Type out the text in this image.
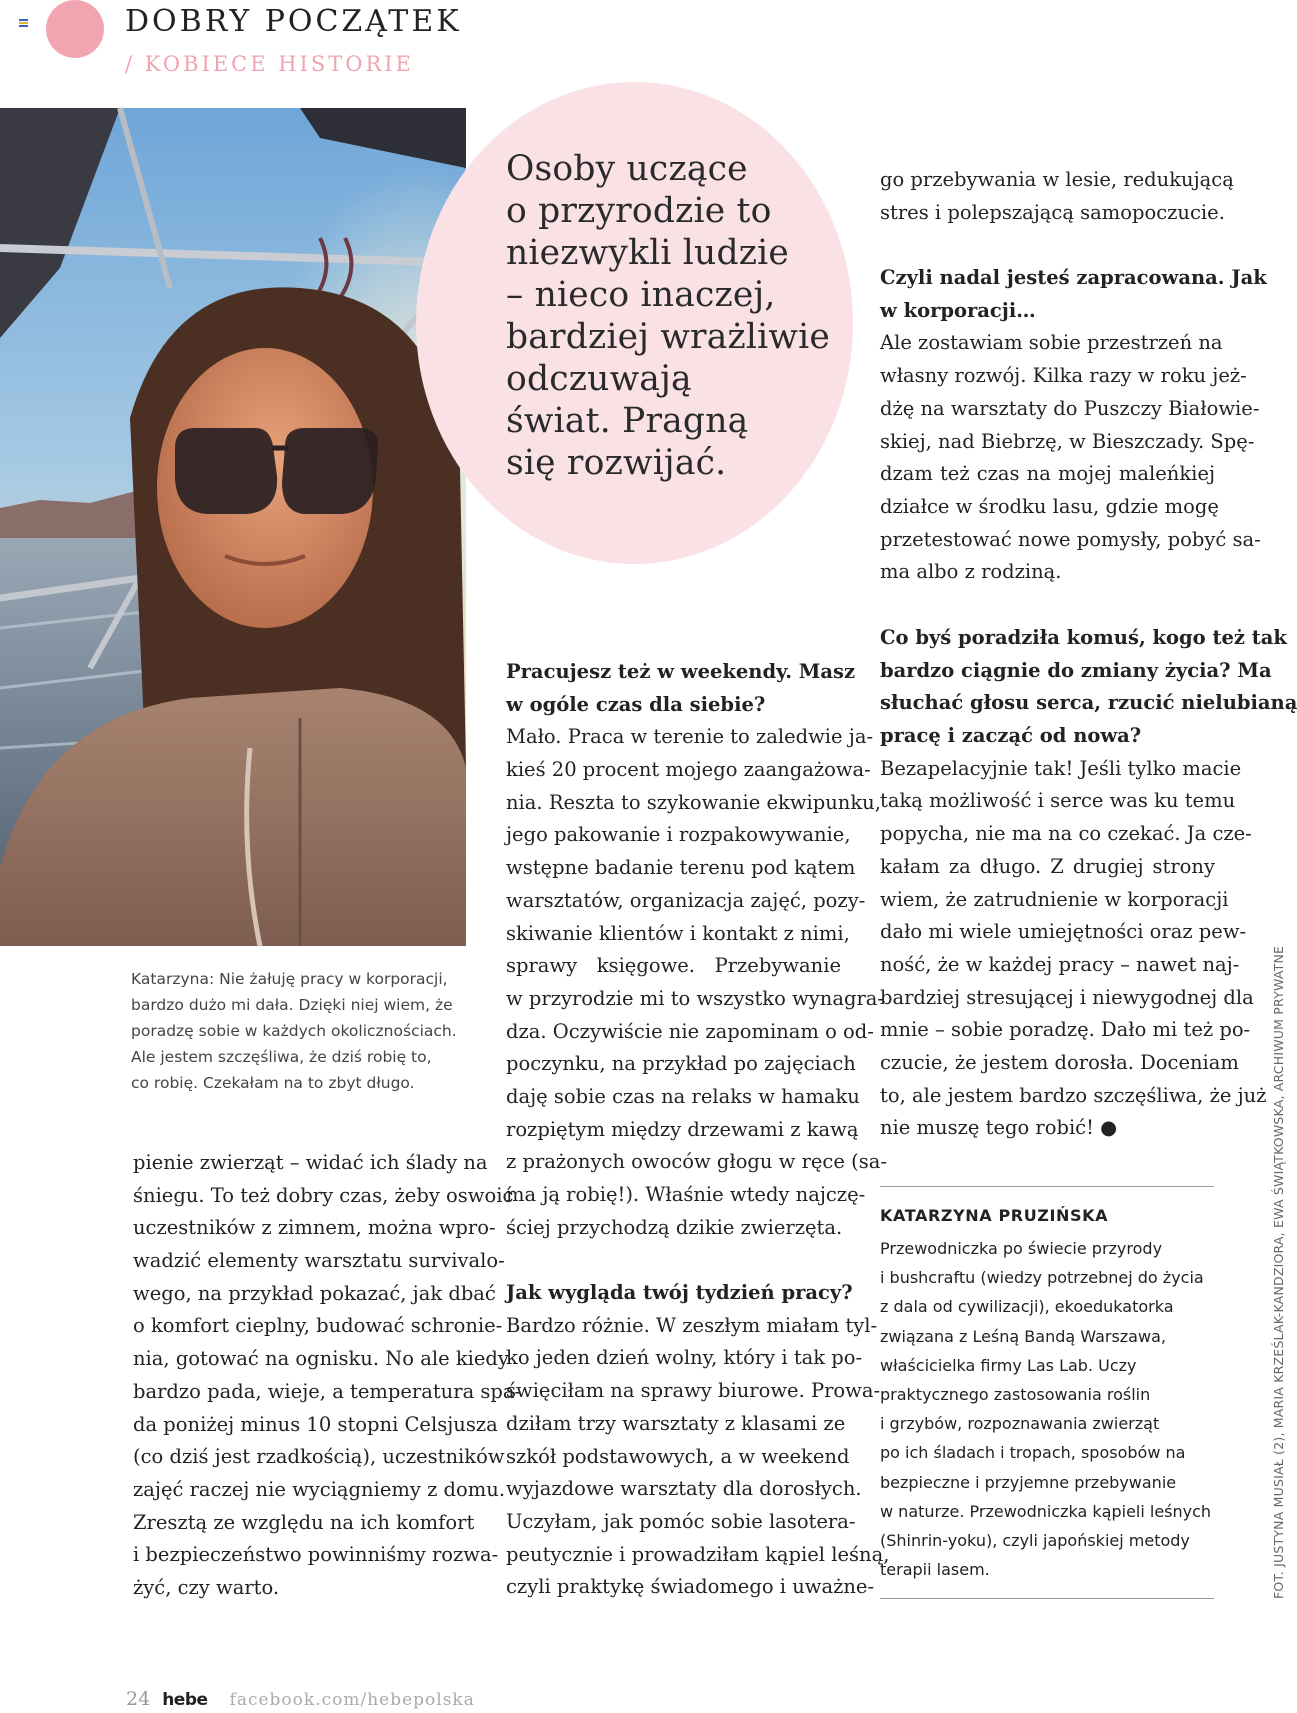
DOBRY POCZĄTEK
/ KOBIECE HISTORIE
Osoby uczące
o przyrodzie to
niezwykli ludzie
– nieco inaczej,
bardziej wrażliwie
odczuwają
świat. Pragną
się rozwijać.
Katarzyna: Nie żałuję pracy w korporacji,
bardzo dużo mi dała. Dzięki niej wiem, że
poradzę sobie w każdych okolicznościach.
Ale jestem szczęśliwa, że dziś robię to,
co robię. Czekałam na to zbyt długo.
pienie zwierząt – widać ich ślady na
śniegu. To też dobry czas, żeby oswoić
uczestników z zimnem, można wpro-
wadzić elementy warsztatu survivalo-
wego, na przykład pokazać, jak dbać
o komfort cieplny, budować schronie-
nia, gotować na ognisku. No ale kiedy
bardzo pada, wieje, a temperatura spa-
da poniżej minus 10 stopni Celsjusza
(co dziś jest rzadkością), uczestników
zajęć raczej nie wyciągniemy z domu.
Zresztą ze względu na ich komfort
i bezpieczeństwo powinniśmy rozwa-
żyć, czy warto.
Pracujesz też w weekendy. Masz
w ogóle czas dla siebie?
Mało. Praca w terenie to zaledwie ja-
kieś 20 procent mojego zaangażowa-
nia. Reszta to szykowanie ekwipunku,
jego pakowanie i rozpakowywanie,
wstępne badanie terenu pod kątem
warsztatów, organizacja zajęć, pozy-
skiwanie klientów i kontakt z nimi,
sprawy księgowe. Przebywanie
w przyrodzie mi to wszystko wynagra-
dza. Oczywiście nie zapominam o od-
poczynku, na przykład po zajęciach
daję sobie czas na relaks w hamaku
rozpiętym między drzewami z kawą
z prażonych owoców głogu w ręce (sa-
ma ją robię!). Właśnie wtedy najczę-
ściej przychodzą dzikie zwierzęta.
Jak wygląda twój tydzień pracy?
Bardzo różnie. W zeszłym miałam tyl-
ko jeden dzień wolny, który i tak po-
święciłam na sprawy biurowe. Prowa-
dziłam trzy warsztaty z klasami ze
szkół podstawowych, a w weekend
wyjazdowe warsztaty dla dorosłych.
Uczyłam, jak pomóc sobie lasotera-
peutycznie i prowadziłam kąpiel leśną,
czyli praktykę świadomego i uważne-
go przebywania w lesie, redukującą
stres i polepszającą samopoczucie.
Czyli nadal jesteś zapracowana. Jak
w korporacji…
Ale zostawiam sobie przestrzeń na
własny rozwój. Kilka razy w roku jeż-
dżę na warsztaty do Puszczy Białowie-
skiej, nad Biebrzę, w Bieszczady. Spę-
dzam też czas na mojej maleńkiej
działce w środku lasu, gdzie mogę
przetestować nowe pomysły, pobyć sa-
ma albo z rodziną.
Co byś poradziła komuś, kogo też tak
bardzo ciągnie do zmiany życia? Ma
słuchać głosu serca, rzucić nielubianą
pracę i zacząć od nowa?
Bezapelacyjnie tak! Jeśli tylko macie
taką możliwość i serce was ku temu
popycha, nie ma na co czekać. Ja cze-
kałam za długo. Z drugiej strony
wiem, że zatrudnienie w korporacji
dało mi wiele umiejętności oraz pew-
ność, że w każdej pracy – nawet naj-
bardziej stresującej i niewygodnej dla
mnie – sobie poradzę. Dało mi też po-
czucie, że jestem dorosła. Doceniam
to, ale jestem bardzo szczęśliwa, że już
nie muszę tego robić! ●
KATARZYNA PRUZIŃSKA
Przewodniczka po świecie przyrody
i bushcraftu (wiedzy potrzebnej do życia
z dala od cywilizacji), ekoedukatorka
związana z Leśną Bandą Warszawa,
właścicielka firmy Las Lab. Uczy
praktycznego zastosowania roślin
i grzybów, rozpoznawania zwierząt
po ich śladach i tropach, sposobów na
bezpieczne i przyjemne przebywanie
w naturze. Przewodniczka kąpieli leśnych
(Shinrin-yoku), czyli japońskiej metody
terapii lasem.	FOT. JUSTYNA MUSIAŁ (2), MARIA KRZEŚLAK-KANDZIORA, EWA ŚWIĄTKOWSKA, ARCHIWUM PRYWATNE
24 hebe facebook.com/hebepolska
